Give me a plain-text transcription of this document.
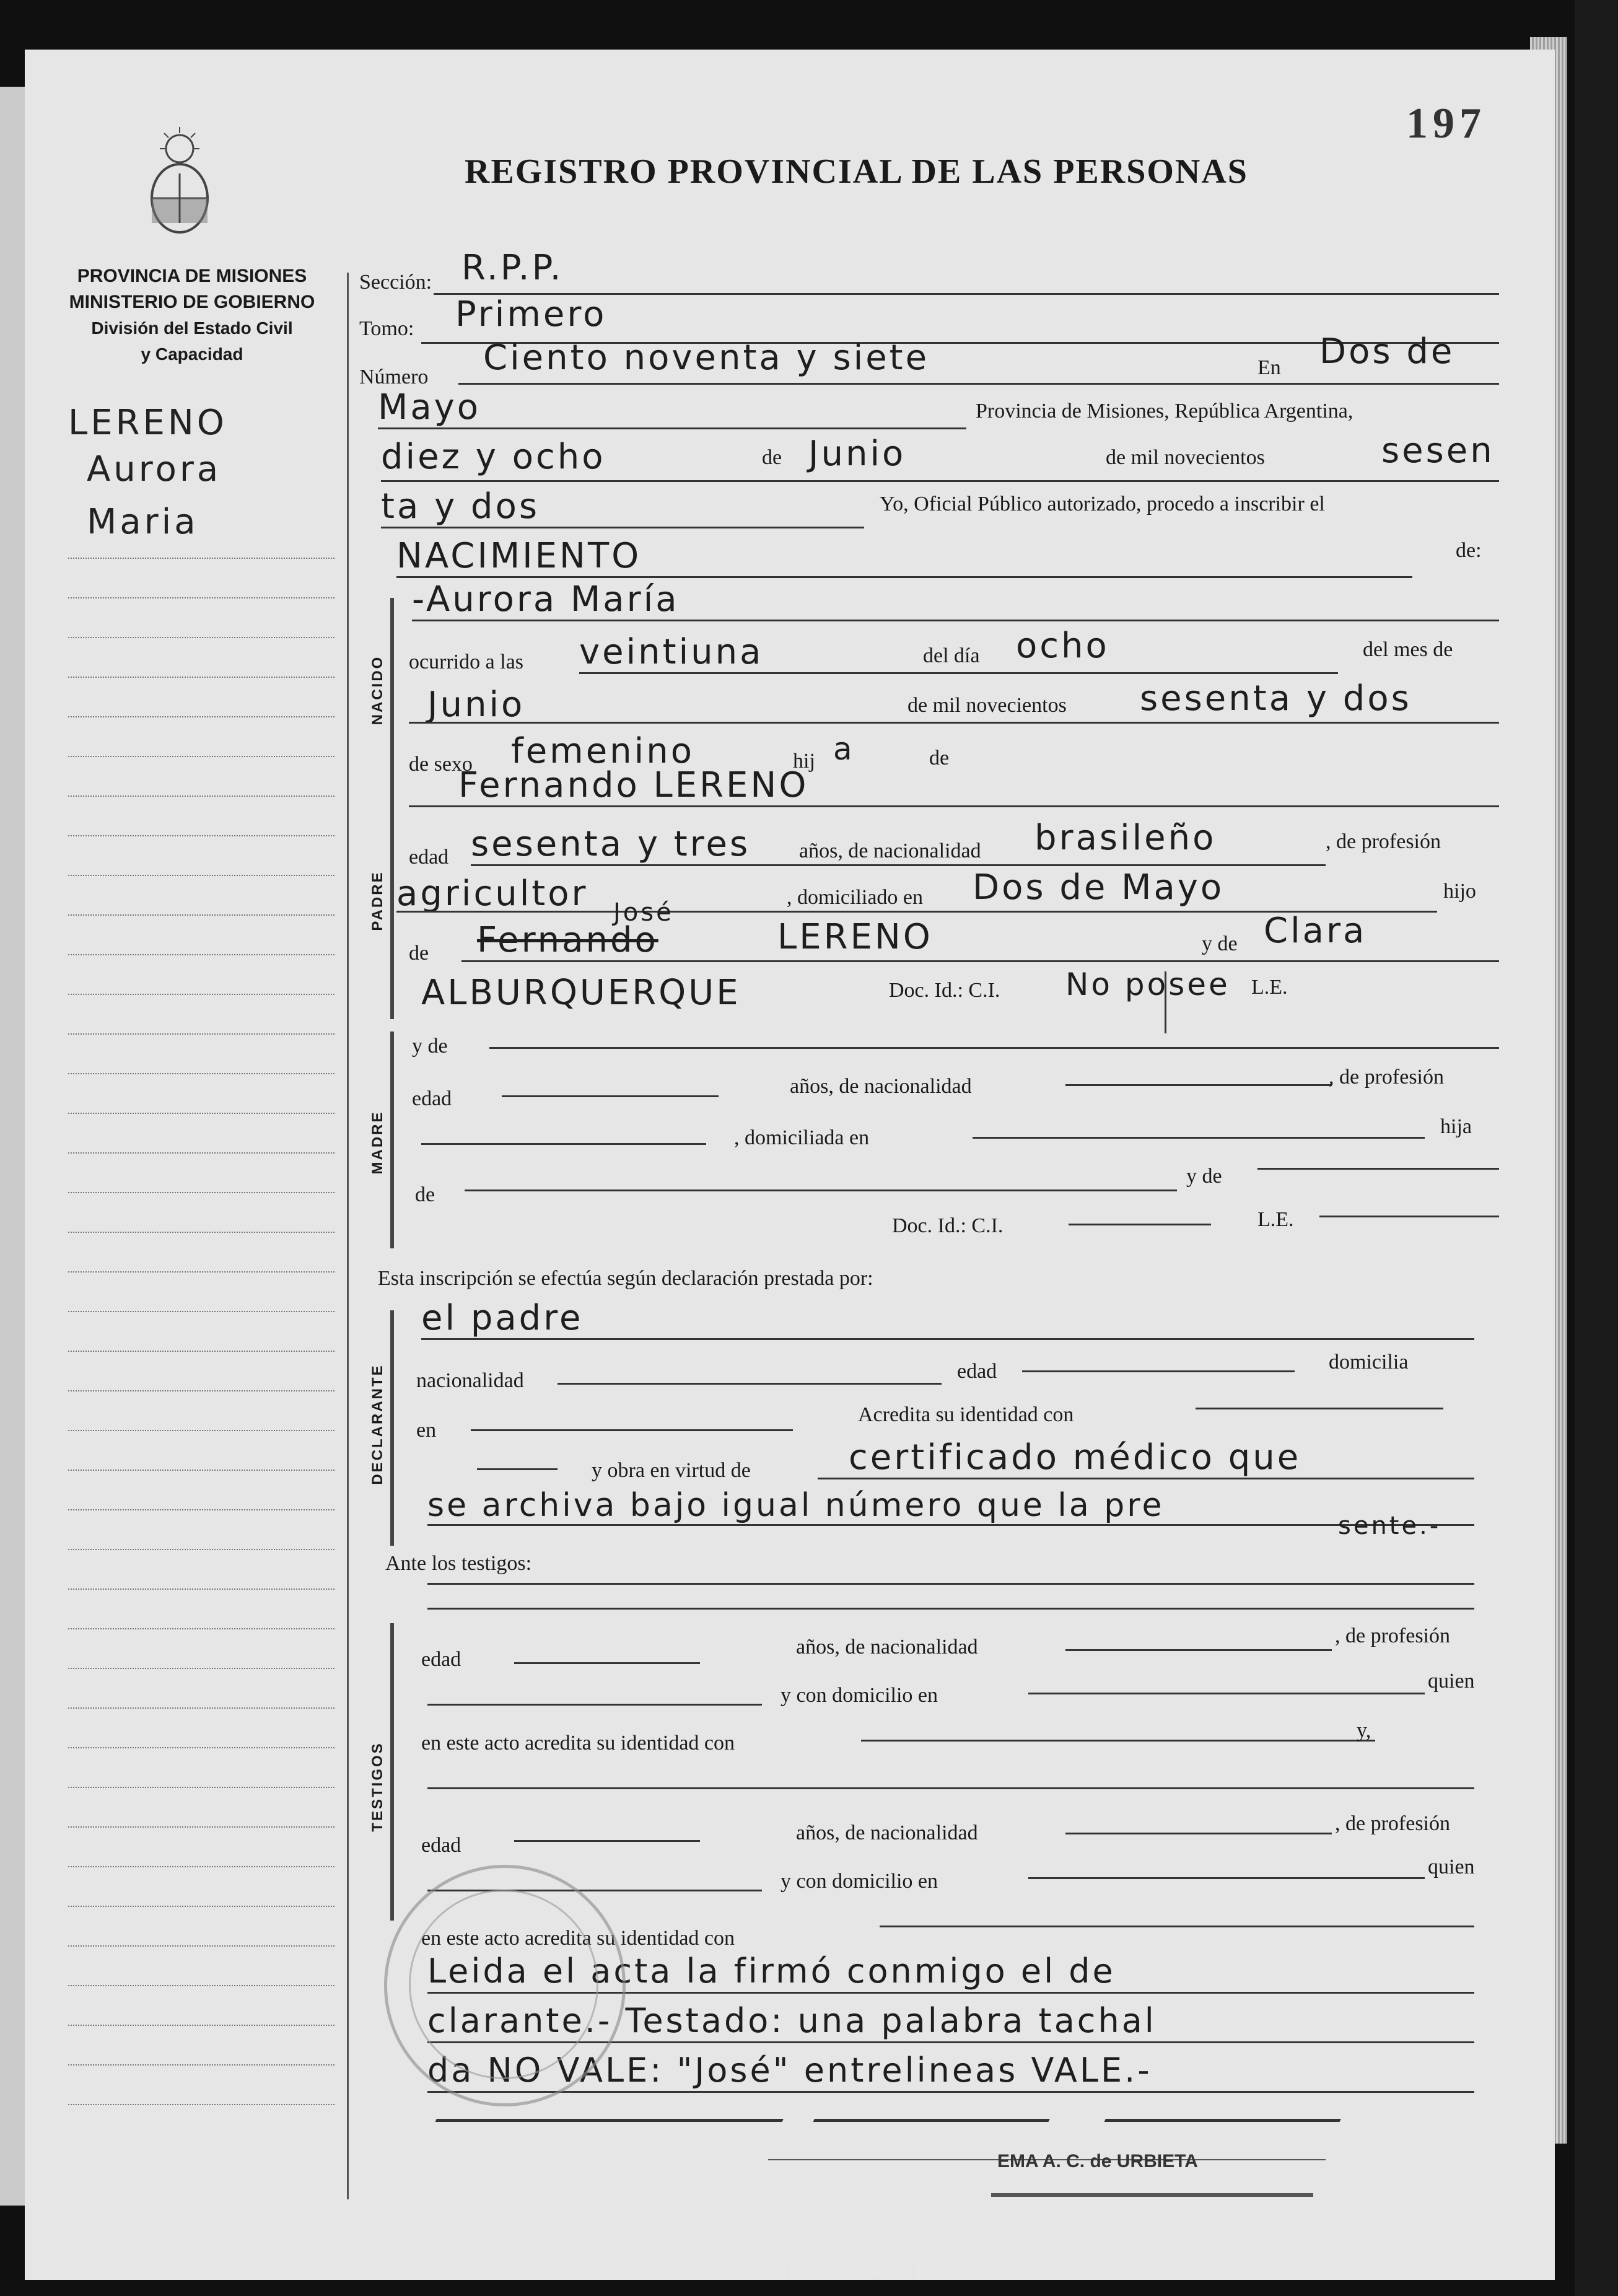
197
REGISTRO PROVINCIAL DE LAS PERSONAS
PROVINCIA DE MISIONES
MINISTERIO DE GOBIERNO
División del Estado Civil
y Capacidad
LERENO
Aurora
Maria
Sección: R.P.P.
Tomo: Primero
Número Ciento noventa y siete	En Dos de
Mayo	Provincia de Misiones, República Argentina,
diez y ocho	de Junio	de mil novecientos	sesen
ta y dos	Yo, Oficial Público autorizado, procedo a inscribir el
NACIMIENTO	de:
NACIDO
-Aurora María
ocurrido a las veintiuna	del día ocho	del mes de
Junio	de mil novecientos sesenta y dos
de sexo femenino	hij a	de
PADRE
Fernando LERENO
edad sesenta y tres años, de nacionalidad brasileño	, de profesión
agricultor	, domiciliado en Dos de Mayo	hijo
de
José
Fernando	LERENO	y de Clara
ALBURQUERQUE	Doc. Id.: C.I. No posee L.E.
MADRE
y de
edad
años, de nacionalidad	, de profesión
, domiciliada en	hija
de
y de
Doc. Id.: C.I.	L.E.
Esta inscripción se efectúa según declaración prestada por:
DECLARANTE
el padre
nacionalidad	edad	domicilia
en
Acredita su identidad con
y obra en virtud de	certificado médico que
se archiva bajo igual número que la pre
sente.-
Ante los testigos:
TESTIGOS
edad
años, de nacionalidad	, de profesión
y con domicilio en
quien
en este acto acredita su identidad con
y,
edad
años, de nacionalidad	, de profesión
y con domicilio en
quien
en este acto acredita su identidad con
Leida el acta la firmó conmigo el de
clarante.- Testado: una palabra tachal
da NO VALE: "José" entrelineas VALE.-
EMA A. C. de URBIETA
02_010724000206-045051
